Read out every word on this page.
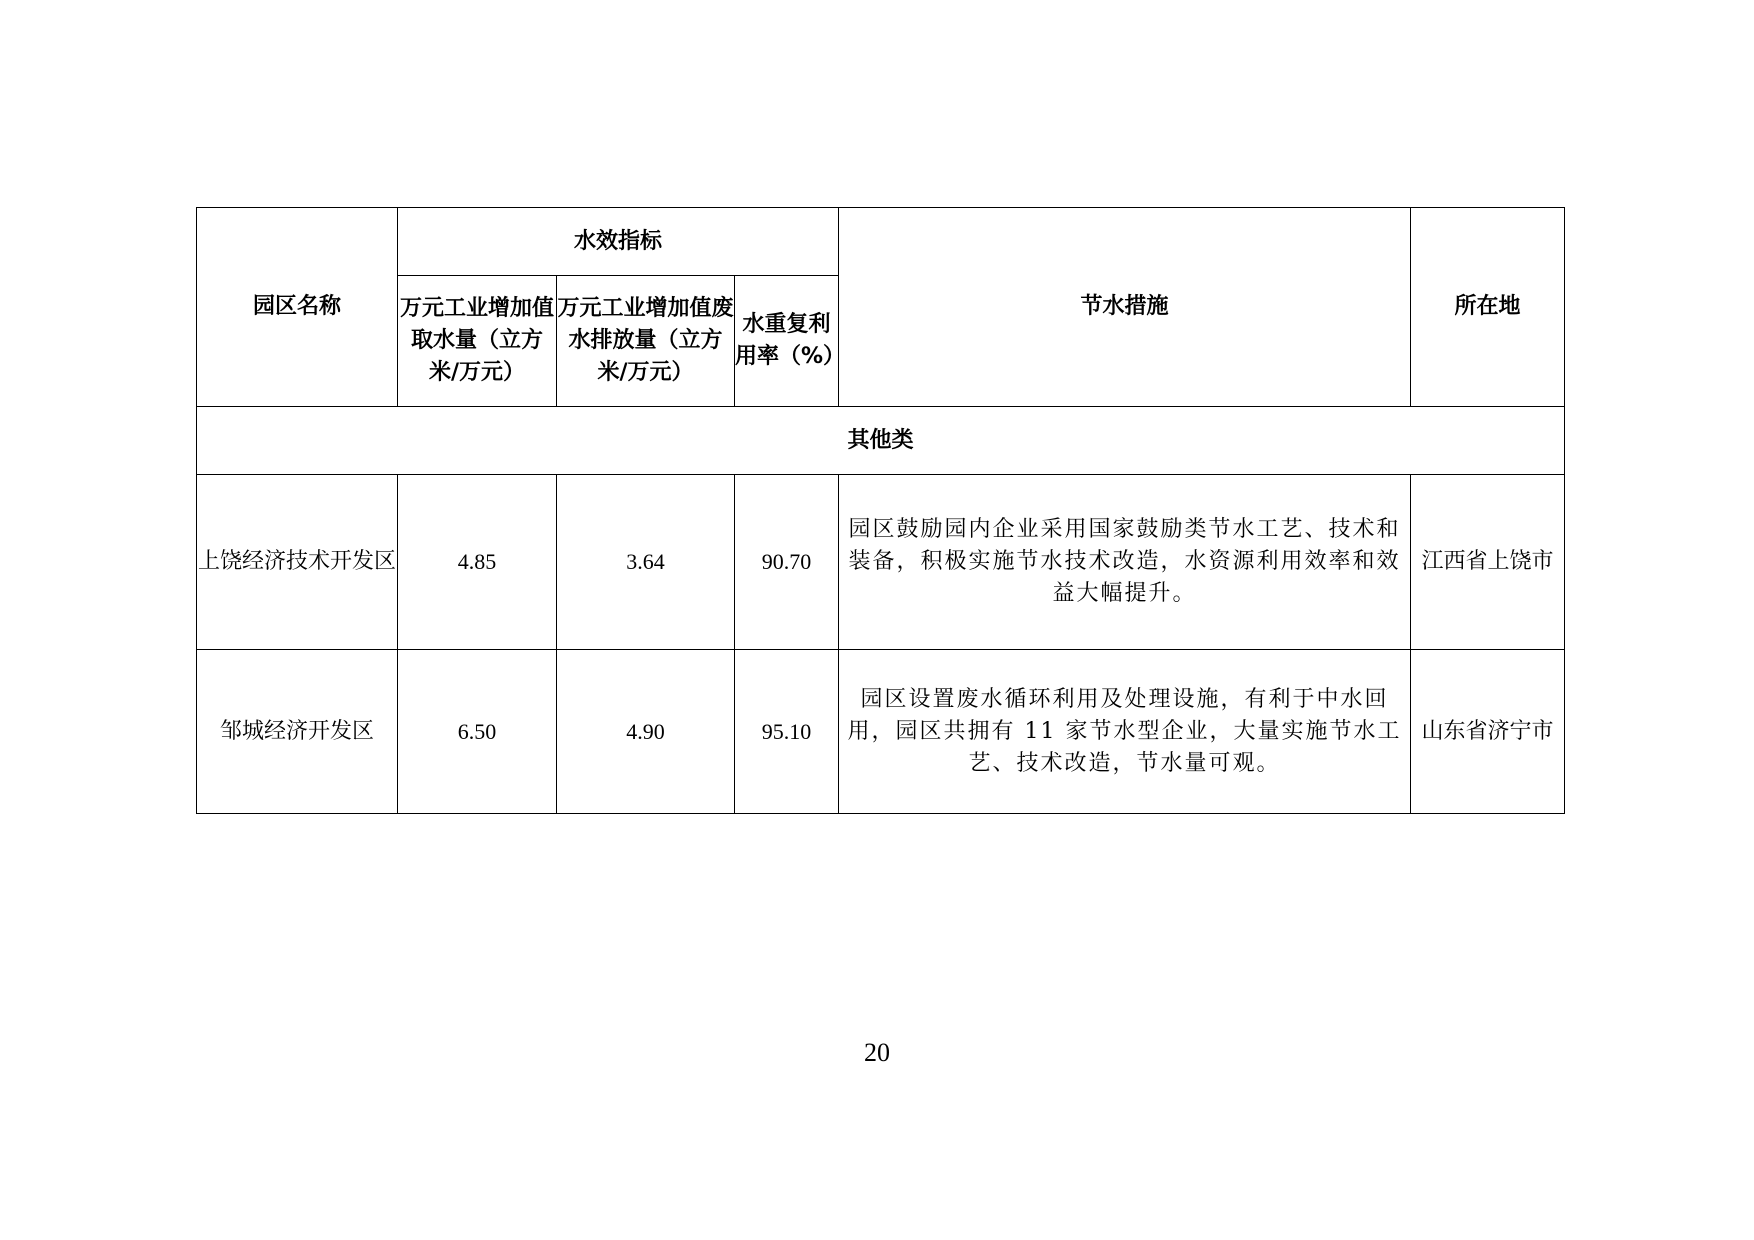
园区名称	水效指标			节水措施	所在地
	万元工业增加值取水量（立方米/万元）	万元工业增加值废水排放量（立方米/万元）	水重复利用率（%）		
其他类					
上饶经济技术开发区	4.85	3.64	90.70	园区鼓励园内企业采用国家鼓励类节水工艺、技术和装备，积极实施节水技术改造，水资源利用效率和效益大幅提升。	江西省上饶市
邹城经济开发区	6.50	4.90	95.10	园区设置废水循环利用及处理设施，有利于中水回用，园区共拥有 11 家节水型企业，大量实施节水工艺、技术改造，节水量可观。	山东省济宁市
20
